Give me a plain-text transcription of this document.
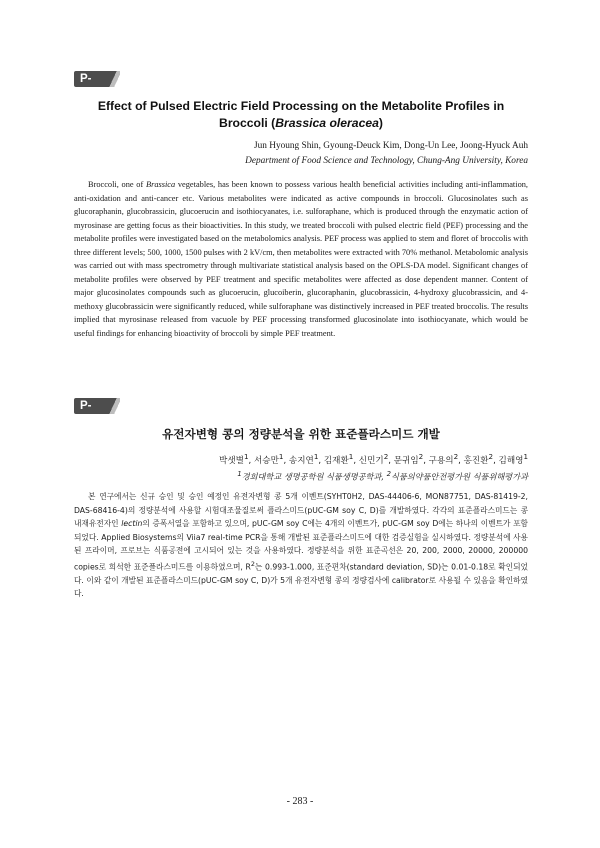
P-93
Effect of Pulsed Electric Field Processing on the Metabolite Profiles in
Broccoli (Brassica oleracea)
Jun Hyoung Shin, Gyoung-Deuck Kim, Dong-Un Lee, Joong-Hyuck Auh
Department of Food Science and Technology, Chung-Ang University, Korea

Broccoli, one of Brassica vegetables, has been known to possess various health beneficial activities including anti-inflammation, anti-oxidation and anti-cancer etc. Various metabolites were indicated as active compounds in broccoli. Glucosinolates such as glucoraphanin, glucobrassicin, glucoerucin and isothiocyanates, i.e. sulforaphane, which is produced through the enzymatic action of myrosinase are getting focus as their bioactivities. In this study, we treated broccoli with pulsed electric field (PEF) processing and the metabolite profiles were investigated based on the metabolomics analysis. PEF process was applied to stem and floret of broccolis with three different levels; 500, 1000, 1500 pulses with 2 kV/cm, then metabolites were extracted with 70% methanol. Metabolomic analysis was carried out with mass spectrometry through multivariate statistical analysis based on the OPLS-DA model. Significant changes of metabolite profiles were observed by PEF treatment and specific metabolites were affected as dose dependent manner. Content of major glucosinolates compounds such as glucoerucin, glucoiberin, glucoraphanin, glucobrassicin, 4-hydroxy glucobrassicin, and 4-methoxy glucobrassicin were significantly reduced, while sulforaphane was distinctively increased in PEF treated broccolis. The results implied that myrosinase released from vacuole by PEF processing transformed glucosinolate into isothiocyanate, which would be useful findings for enhancing bioactivity of broccoli by simple PEF treatment.

P-94
유전자변형 콩의 정량분석을 위한 표준플라스미드 개발
박샛별$^1$, 서승만$^1$, 송지연$^1$, 김재환$^1$, 신민기$^2$, 문귀임$^2$, 구용의$^2$, 홍진환$^2$, 김해영$^1$
$^1$경희대학교 생명공학원 식품생명공학과, $^2$식품의약품안전평가원 식품위해평가과

본 연구에서는 신규 승인 및 승인 예정인 유전자변형 콩 5개 이벤트(SYHT0H2, DAS-44406-6, MON87751, DAS-81419-2, DAS-68416-4)의 정량분석에 사용할 시험대조물질로써 플라스미드(pUC-GM soy C, D)를 개발하였다. 각각의 표준플라스미드는 콩 내재유전자인 lectin의 증폭서열을 포함하고 있으며, pUC-GM soy C에는 4개의 이벤트가, pUC-GM soy D에는 하나의 이벤트가 포함되었다. Applied Biosystems의 Viia7 real-time PCR을 통해 개발된 표준플라스미드에 대한 검증실험을 실시하였다. 정량분석에 사용된 프라이머, 프로브는 식품공전에 고시되어 있는 것을 사용하였다. 정량분석을 위한 표준곡선은 20, 200, 2000, 20000, 200000 copies로 희석한 표준플라스미드를 이용하였으며, $R^2$는 0.993-1.000, 표준편차(standard deviation, SD)는 0.01-0.18로 확인되었다. 이와 같이 개발된 표준플라스미드(pUC-GM soy C, D)가 5개 유전자변형 콩의 정량검사에 calibrator로 사용될 수 있음을 확인하였다.

- 283 -
